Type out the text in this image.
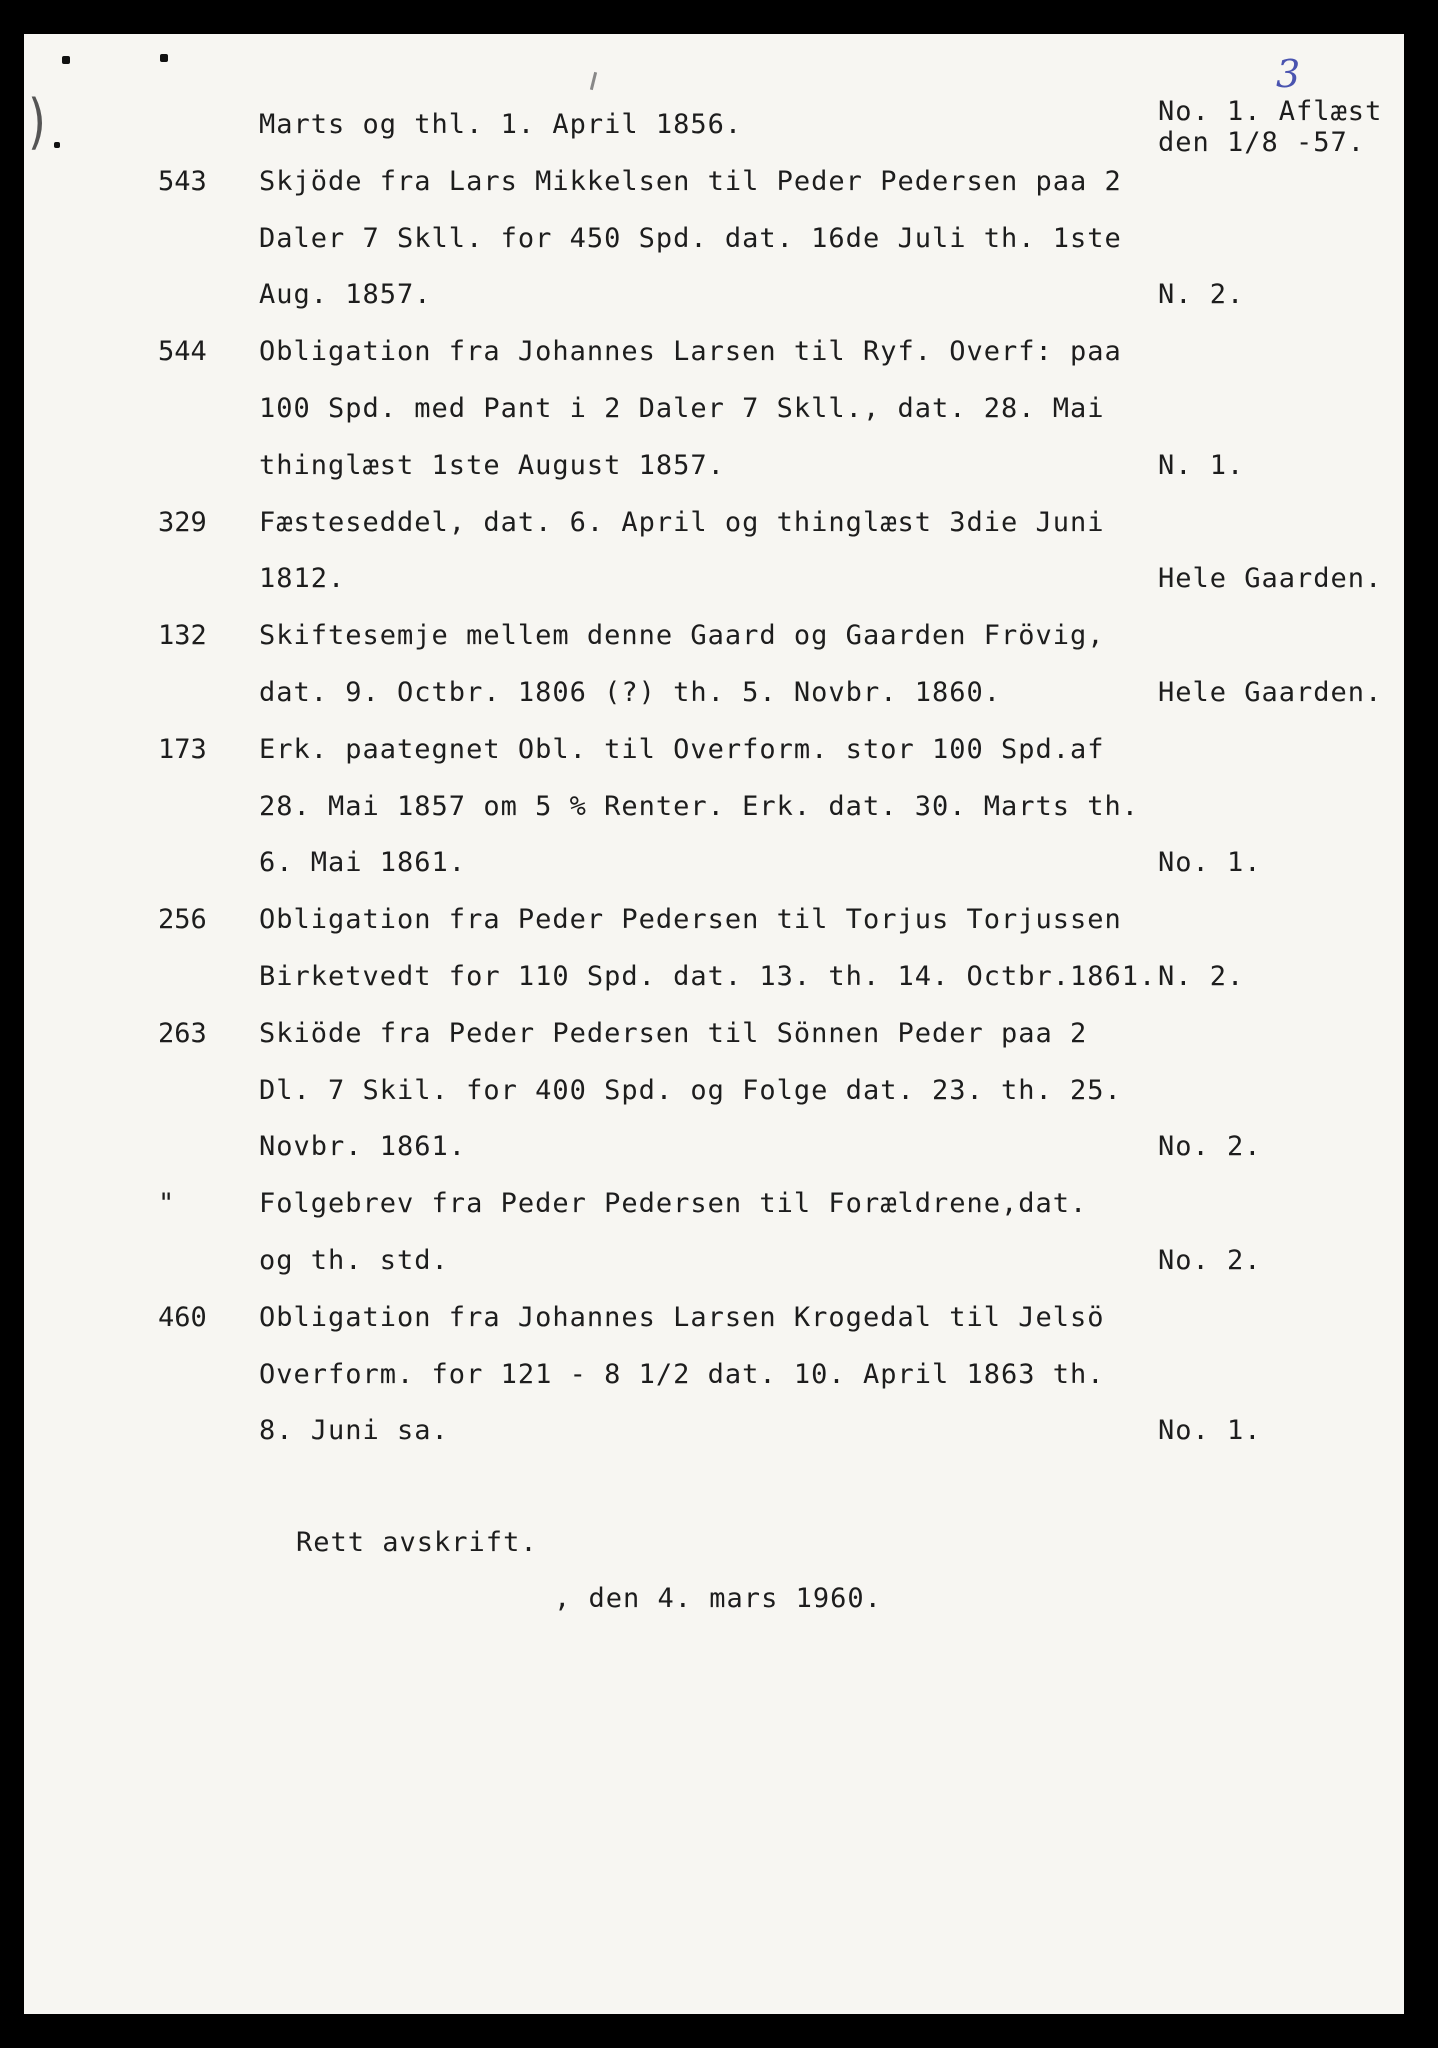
)
3
Marts og thl. 1. April 1856.	No. 1. Aflæst
den 1/8 -57.
543 Skjöde fra Lars Mikkelsen til Peder Pedersen paa 2
Daler 7 Skll. for 450 Spd. dat. 16de Juli th. 1ste
Aug. 1857.	N. 2.
544 Obligation fra Johannes Larsen til Ryf. Overf: paa
100 Spd. med Pant i 2 Daler 7 Skll., dat. 28. Mai
thinglæst 1ste August 1857.	N. 1.
329 Fæsteseddel, dat. 6. April og thinglæst 3die Juni
1812.	Hele Gaarden.
132 Skiftesemje mellem denne Gaard og Gaarden Frövig,
dat. 9. Octbr. 1806 (?) th. 5. Novbr. 1860.	Hele Gaarden.
173 Erk. paategnet Obl. til Overform. stor 100 Spd.af
28. Mai 1857 om 5 % Renter. Erk. dat. 30. Marts th.
6. Mai 1861.	No. 1.
256 Obligation fra Peder Pedersen til Torjus Torjussen
Birketvedt for 110 Spd. dat. 13. th. 14. Octbr.1861. N. 2.
263 Skiöde fra Peder Pedersen til Sönnen Peder paa 2
Dl. 7 Skil. for 400 Spd. og Folge dat. 23. th. 25.
Novbr. 1861.	No. 2.
"	Folgebrev fra Peder Pedersen til Forældrene,dat.
og th. std.	No. 2.
460 Obligation fra Johannes Larsen Krogedal til Jelsö
Overform. for 121 - 8 1/2 dat. 10. April 1863 th.
8. Juni sa.	No. 1.
Rett avskrift.
, den 4. mars 1960.
